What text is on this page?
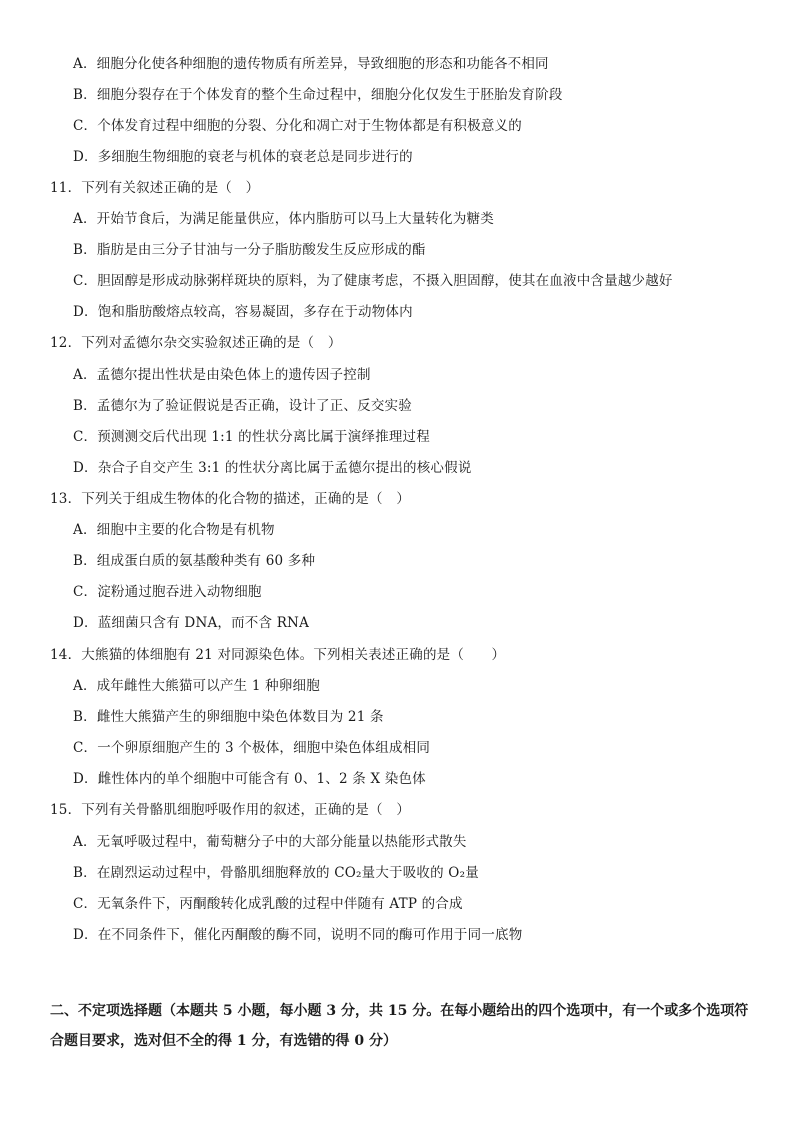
A．细胞分化使各种细胞的遗传物质有所差异，导致细胞的形态和功能各不相同
B．细胞分裂存在于个体发育的整个生命过程中，细胞分化仅发生于胚胎发育阶段
C．个体发育过程中细胞的分裂、分化和凋亡对于生物体都是有积极意义的
D．多细胞生物细胞的衰老与机体的衰老总是同步进行的
11．下列有关叙述正确的是（　）
A．开始节食后，为满足能量供应，体内脂肪可以马上大量转化为糖类
B．脂肪是由三分子甘油与一分子脂肪酸发生反应形成的酯
C．胆固醇是形成动脉粥样斑块的原料，为了健康考虑，不摄入胆固醇，使其在血液中含量越少越好
D．饱和脂肪酸熔点较高，容易凝固，多存在于动物体内
12．下列对孟德尔杂交实验叙述正确的是（　）
A．孟德尔提出性状是由染色体上的遗传因子控制
B．孟德尔为了验证假说是否正确，设计了正、反交实验
C．预测测交后代出现 1:1 的性状分离比属于演绎推理过程
D．杂合子自交产生 3:1 的性状分离比属于孟德尔提出的核心假说
13．下列关于组成生物体的化合物的描述，正确的是（　）
A．细胞中主要的化合物是有机物
B．组成蛋白质的氨基酸种类有 60 多种
C．淀粉通过胞吞进入动物细胞
D．蓝细菌只含有 DNA，而不含 RNA
14．大熊猫的体细胞有 21 对同源染色体。下列相关表述正确的是（　　）
A．成年雌性大熊猫可以产生 1 种卵细胞
B．雌性大熊猫产生的卵细胞中染色体数目为 21 条
C．一个卵原细胞产生的 3 个极体，细胞中染色体组成相同
D．雌性体内的单个细胞中可能含有 0、1、2 条 X 染色体
15．下列有关骨骼肌细胞呼吸作用的叙述，正确的是（　）
A．无氧呼吸过程中，葡萄糖分子中的大部分能量以热能形式散失
B．在剧烈运动过程中，骨骼肌细胞释放的 CO₂量大于吸收的 O₂量
C．无氧条件下，丙酮酸转化成乳酸的过程中伴随有 ATP 的合成
D．在不同条件下，催化丙酮酸的酶不同，说明不同的酶可作用于同一底物
二、不定项选择题（本题共 5 小题，每小题 3 分，共 15 分。在每小题给出的四个选项中，有一个或多个选项符合题目要求，选对但不全的得 1 分，有选错的得 0 分）
